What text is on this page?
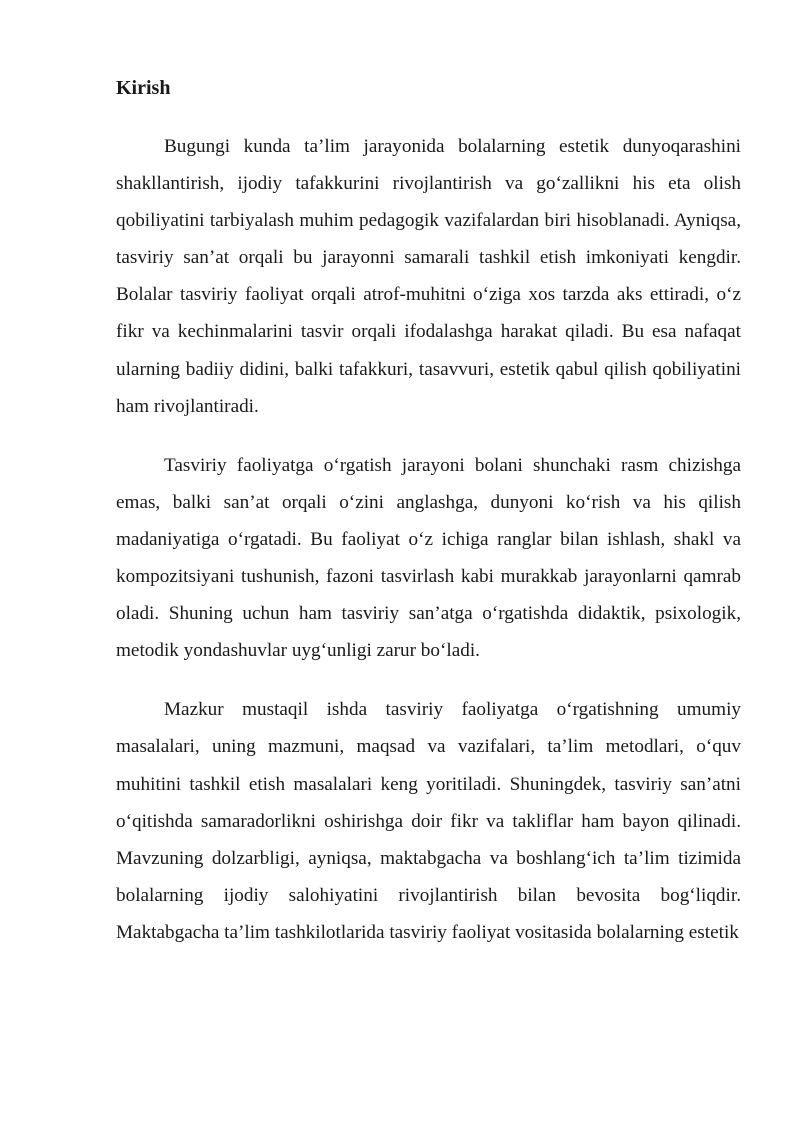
Kirish

Bugungi kunda ta’lim jarayonida bolalarning estetik dunyoqarashini shakllantirish, ijodiy tafakkurini rivojlantirish va go‘zallikni his eta olish qobiliyatini tarbiyalash muhim pedagogik vazifalardan biri hisoblanadi. Ayniqsa, tasviriy san’at orqali bu jarayonni samarali tashkil etish imkoniyati kengdir. Bolalar tasviriy faoliyat orqali atrof-muhitni o‘ziga xos tarzda aks ettiradi, o‘z fikr va kechinmalarini tasvir orqali ifodalashga harakat qiladi. Bu esa nafaqat ularning badiiy didini, balki tafakkuri, tasavvuri, estetik qabul qilish qobiliyatini ham rivojlantiradi.

Tasviriy faoliyatga o‘rgatish jarayoni bolani shunchaki rasm chizishga emas, balki san’at orqali o‘zini anglashga, dunyoni ko‘rish va his qilish madaniyatiga o‘rgatadi. Bu faoliyat o‘z ichiga ranglar bilan ishlash, shakl va kompozitsiyani tushunish, fazoni tasvirlash kabi murakkab jarayonlarni qamrab oladi. Shuning uchun ham tasviriy san’atga o‘rgatishda didaktik, psixologik, metodik yondashuvlar uyg‘unligi zarur bo‘ladi.

Mazkur mustaqil ishda tasviriy faoliyatga o‘rgatishning umumiy masalalari, uning mazmuni, maqsad va vazifalari, ta’lim metodlari, o‘quv muhitini tashkil etish masalalari keng yoritiladi. Shuningdek, tasviriy san’atni o‘qitishda samaradorlikni oshirishga doir fikr va takliflar ham bayon qilinadi. Mavzuning dolzarbligi, ayniqsa, maktabgacha va boshlang‘ich ta’lim tizimida bolalarning ijodiy salohiyatini rivojlantirish bilan bevosita bog‘liqdir. Maktabgacha ta’lim tashkilotlarida tasviriy faoliyat vositasida bolalarning estetik
